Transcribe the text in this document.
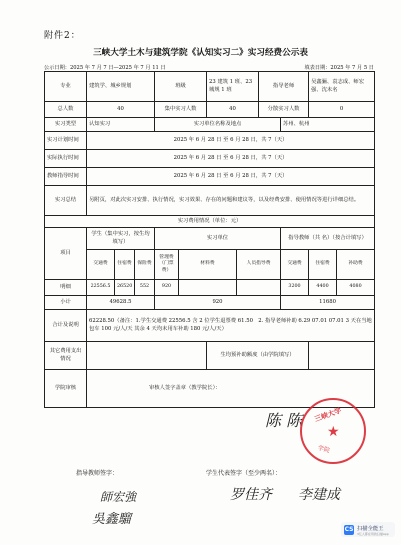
附件2：
三峡大学土木与建筑学院《认知实习二》实习经费公示表
公示日期：2025 年 7 月 7 日—2025 年 7 月 11 日	填表日期：2025 年 7 月 5 日
专业	建筑学、城乡规划			班级		23 建筑 1 班、23 城规 1 班		指导老师		吴鑫骊、袁志成、师宏强、沈未名	
总人数	40			集中实习人数		40		分散实习人数		0	
实习类型	认知实习			实习单位名称及地点					苏州、杭州		
实习计划时间	2025 年 6 月 28 日 至 6 月 28 日，共 7（天）										
实际执行时间	2025 年 6 月 28 日 至 6 月 28 日，共 7（天）										
教师指导时间	2025 年 6 月 28 日 至 6 月 28 日，共 7（天）										
实习总结	另附页，对此次实习安排、执行情况，实习效果、存在的问题和建议等，以及经费安排、使用情况等进行详细总结。										
实习费用情况（单位：元）											
项目	学生（集中实习，按生均填写）			实习单位					指导教师（共 名）（按合计填写）		
	交通费	住宿费	保险费	管理费（门票费）	材料费		人员指导费		交通费	住宿费	补助费
明细	22556.5	26520	552	920					3200	4400	4080
小计	49628.5			920					11680		
合计及说明	62228.50（备注：1.学生交通费 22556.5 含 2 位学生退票费 61.50　2. 指导老师补助 6.29 07.01 07.01 3 天在当地包车 100 元/人/天 其余 4 天均未用车补助 180 元/人/天）										
其它费用支出情况						生均预补助额度（由学院填写）					
学院审核	审核人签字盖章（教学院长）：										
指导教师签字：	学生代表签字（至少两名）：
師宏強
吳鑫騮
罗佳齐 李建成
陈 陈 三峡大学
★
学院
CS 扫描全能王
3亿人都在用的扫描App
